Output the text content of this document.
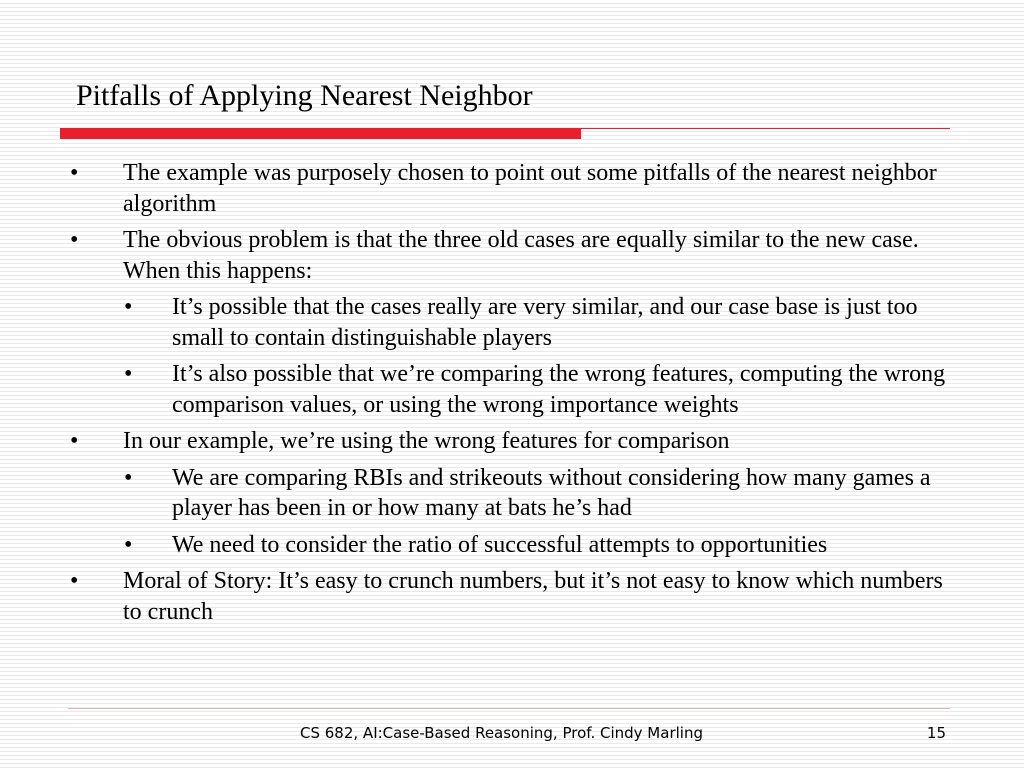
Pitfalls of Applying Nearest Neighbor
• The example was purposely chosen to point out some pitfalls of the nearest neighbor algorithm
• The obvious problem is that the three old cases are equally similar to the new case. When this happens:
• It’s possible that the cases really are very similar, and our case base is just too small to contain distinguishable players
• It’s also possible that we’re comparing the wrong features, computing the wrong comparison values, or using the wrong importance weights
• In our example, we’re using the wrong features for comparison
• We are comparing RBIs and strikeouts without considering how many games a player has been in or how many at bats he’s had
• We need to consider the ratio of successful attempts to opportunities
• Moral of Story: It’s easy to crunch numbers, but it’s not easy to know which numbers to crunch
CS 682, AI:Case-Based Reasoning, Prof. Cindy Marling	15
